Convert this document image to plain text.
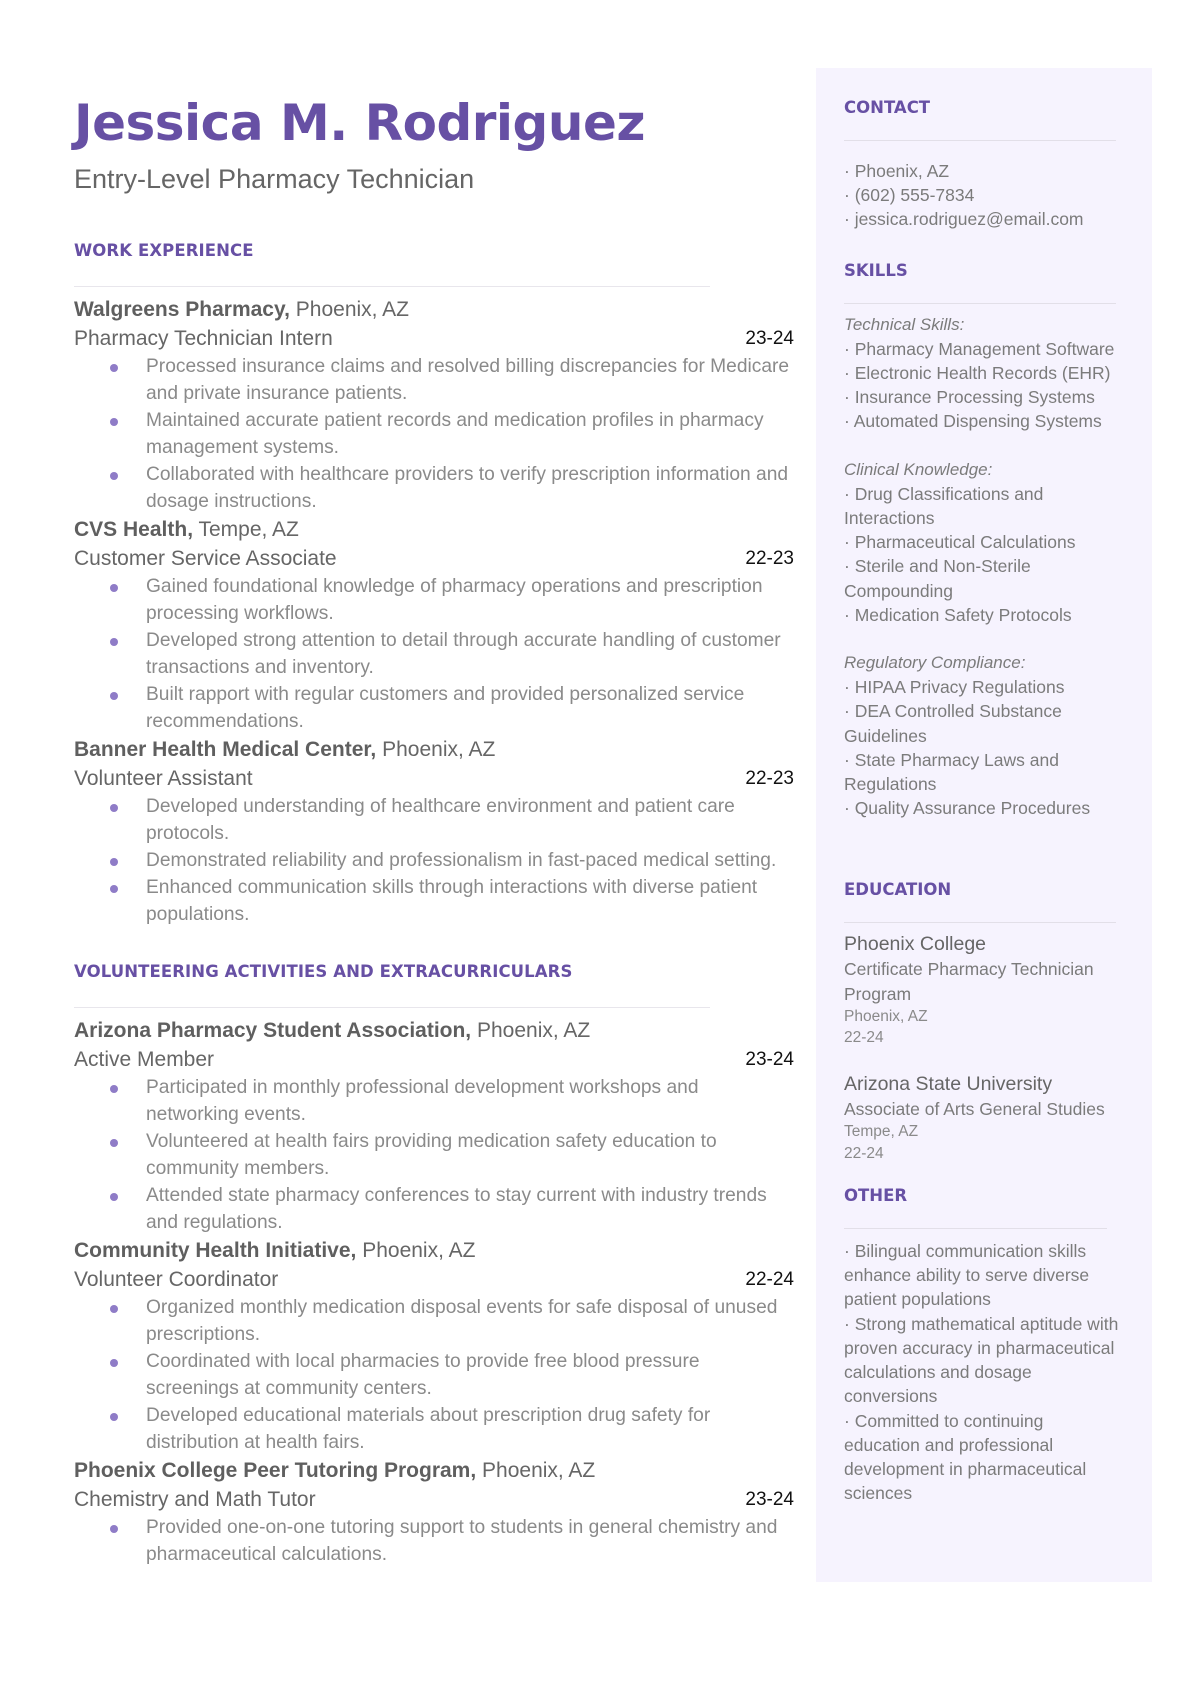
Jessica M. Rodriguez
Entry-Level Pharmacy Technician
WORK EXPERIENCE
Walgreens Pharmacy, Phoenix, AZ
Pharmacy Technician Intern	23-24
Processed insurance claims and resolved billing discrepancies for Medicare and private insurance patients.
Maintained accurate patient records and medication profiles in pharmacy management systems.
Collaborated with healthcare providers to verify prescription information and dosage instructions.
CVS Health, Tempe, AZ
Customer Service Associate	22-23
Gained foundational knowledge of pharmacy operations and prescription processing workflows.
Developed strong attention to detail through accurate handling of customer transactions and inventory.
Built rapport with regular customers and provided personalized service recommendations.
Banner Health Medical Center, Phoenix, AZ
Volunteer Assistant	22-23
Developed understanding of healthcare environment and patient care protocols.
Demonstrated reliability and professionalism in fast-paced medical setting.
Enhanced communication skills through interactions with diverse patient populations.
VOLUNTEERING ACTIVITIES AND EXTRACURRICULARS
Arizona Pharmacy Student Association, Phoenix, AZ
Active Member	23-24
Participated in monthly professional development workshops and networking events.
Volunteered at health fairs providing medication safety education to community members.
Attended state pharmacy conferences to stay current with industry trends and regulations.
Community Health Initiative, Phoenix, AZ
Volunteer Coordinator	22-24
Organized monthly medication disposal events for safe disposal of unused prescriptions.
Coordinated with local pharmacies to provide free blood pressure screenings at community centers.
Developed educational materials about prescription drug safety for distribution at health fairs.
Phoenix College Peer Tutoring Program, Phoenix, AZ
Chemistry and Math Tutor	23-24
Provided one-on-one tutoring support to students in general chemistry and pharmaceutical calculations.
CONTACT
· Phoenix, AZ
· (602) 555-7834
· jessica.rodriguez@email.com
SKILLS
Technical Skills:
· Pharmacy Management Software
· Electronic Health Records (EHR)
· Insurance Processing Systems
· Automated Dispensing Systems
Clinical Knowledge:
· Drug Classifications and Interactions
· Pharmaceutical Calculations
· Sterile and Non-Sterile Compounding
· Medication Safety Protocols
Regulatory Compliance:
· HIPAA Privacy Regulations
· DEA Controlled Substance Guidelines
· State Pharmacy Laws and Regulations
· Quality Assurance Procedures
EDUCATION
Phoenix College
Certificate Pharmacy Technician Program
Phoenix, AZ
22-24
Arizona State University
Associate of Arts General Studies
Tempe, AZ
22-24
OTHER
· Bilingual communication skills enhance ability to serve diverse patient populations
· Strong mathematical aptitude with proven accuracy in pharmaceutical calculations and dosage conversions
· Committed to continuing education and professional development in pharmaceutical sciences
